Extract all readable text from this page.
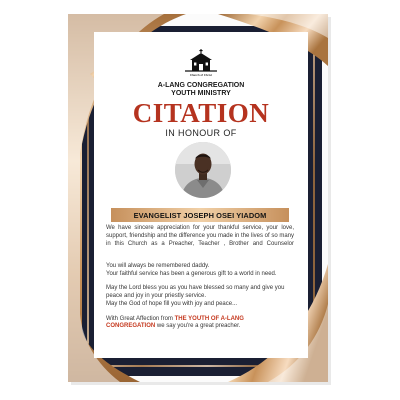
Church of Christ
A-LANG CONGREGATION
YOUTH MINISTRY
CITATION
IN HONOUR OF
EVANGELIST JOSEPH OSEI YIADOM

We have sincere appreciation for your thankful service, your love, support, friendship and the difference you made in the lives of so many in this Church as a Preacher, Teacher , Brother and Counselor

You will always be remembered daddy.

Your faithful service has been a generous gift to a world in need.

May the Lord bless you as you have blessed so many and give you peace and joy in your priestly service.

May the God of hope fill you with joy and peace...

With Great Affection from THE YOUTH OF A-LANG CONGREGATION we say you're a great preacher.
